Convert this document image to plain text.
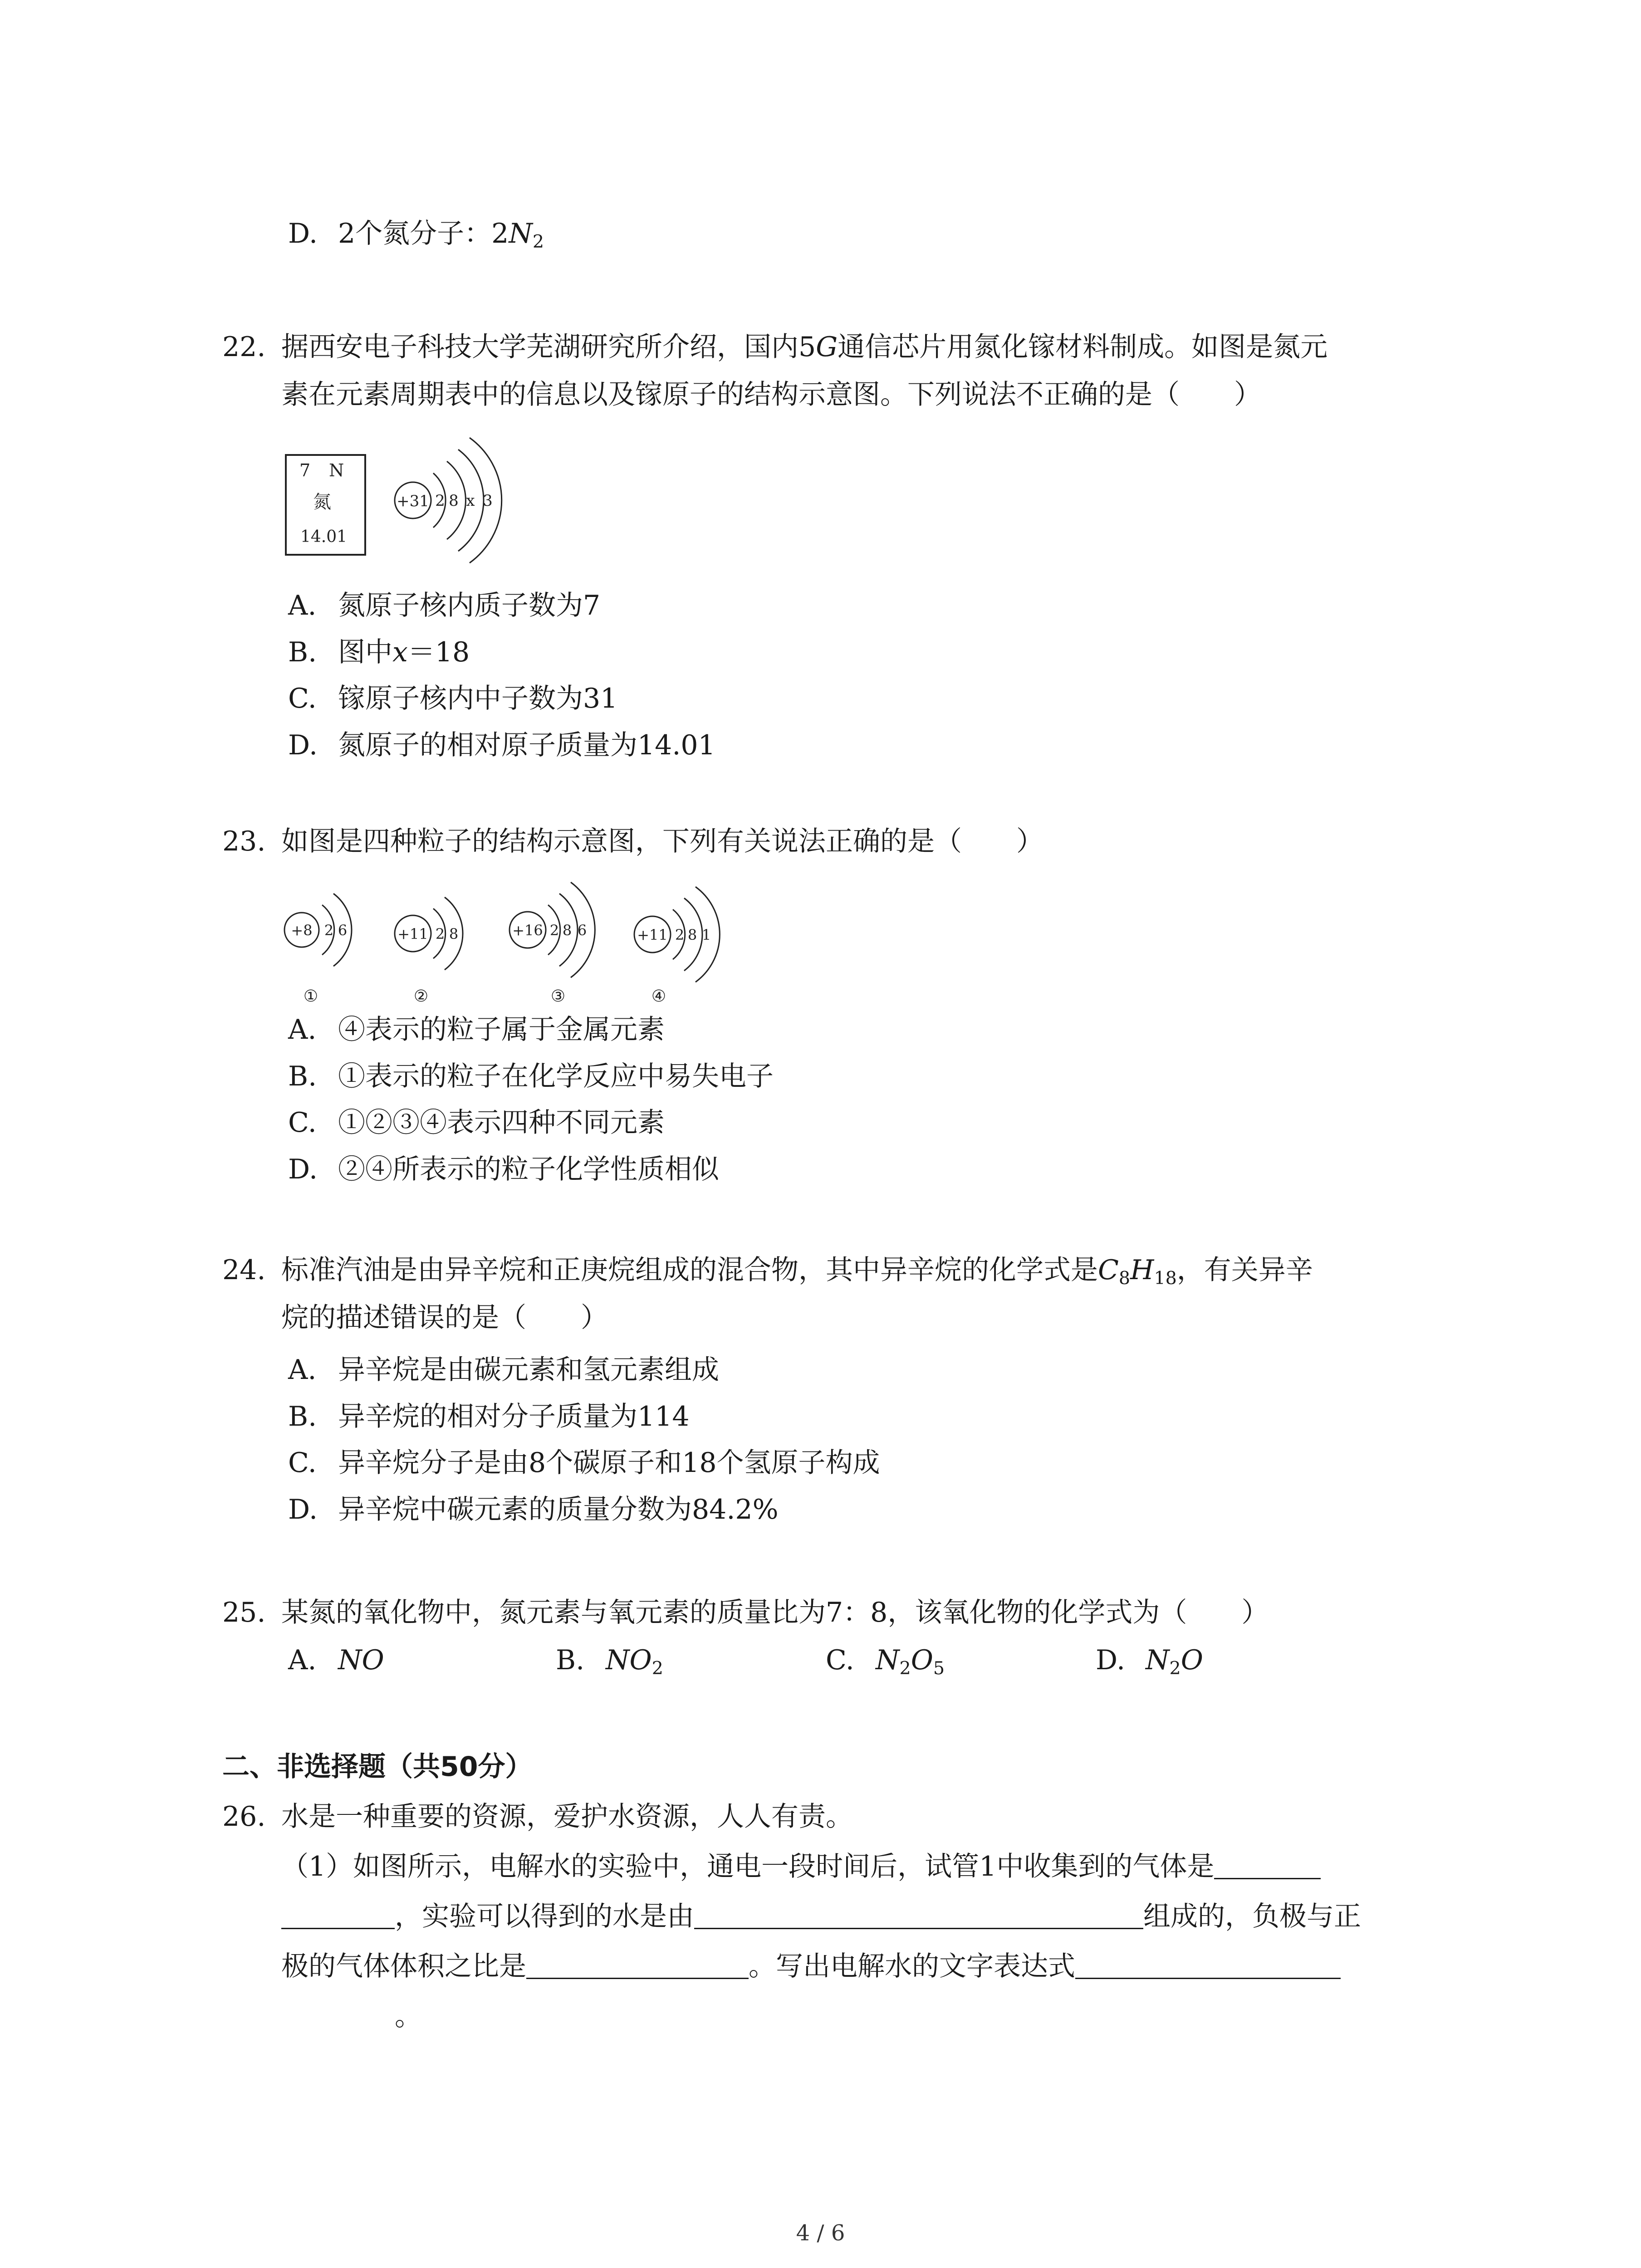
D. 2个氮分子：$2N_2$
22. 据西安电子科技大学芜湖研究所介绍，国内5G通信芯片用氮化镓材料制成。如图是氮元
素在元素周期表中的信息以及镓原子的结构示意图。下列说法不正确的是（　　）
7 N
氮
14.01
+31 2 8 x 3
A. 氮原子核内质子数为7
B. 图中x＝18
C. 镓原子核内中子数为31
D. 氮原子的相对原子质量为14.01
23. 如图是四种粒子的结构示意图，下列有关说法正确的是（　　）
+8 2 6
①
+11 2 8
②
+16 2 8 6
③
+11 2 8 1
④
A. ④表示的粒子属于金属元素
B. ①表示的粒子在化学反应中易失电子
C. ①②③④表示四种不同元素
D. ②④所表示的粒子化学性质相似
24. 标准汽油是由异辛烷和正庚烷组成的混合物，其中异辛烷的化学式是$C_8H_{18}$，有关异辛
烷的描述错误的是（　　）
A. 异辛烷是由碳元素和氢元素组成
B. 异辛烷的相对分子质量为114
C. 异辛烷分子是由8个碳原子和18个氢原子构成
D. 异辛烷中碳元素的质量分数为84.2%
25. 某氮的氧化物中，氮元素与氧元素的质量比为7：8，该氧化物的化学式为（　　）
A. NO	B. $NO_2$	C. $N_2O_5$	D. $N_2O$
二、非选择题（共50分）
26. 水是一种重要的资源，爱护水资源，人人有责。
（1）如图所示，电解水的实验中，通电一段时间后，试管1中收集到的气体是
，实验可以得到的水是由	组成的，负极与正
极的气体体积之比是	。写出电解水的文字表达式
。
4 / 6
